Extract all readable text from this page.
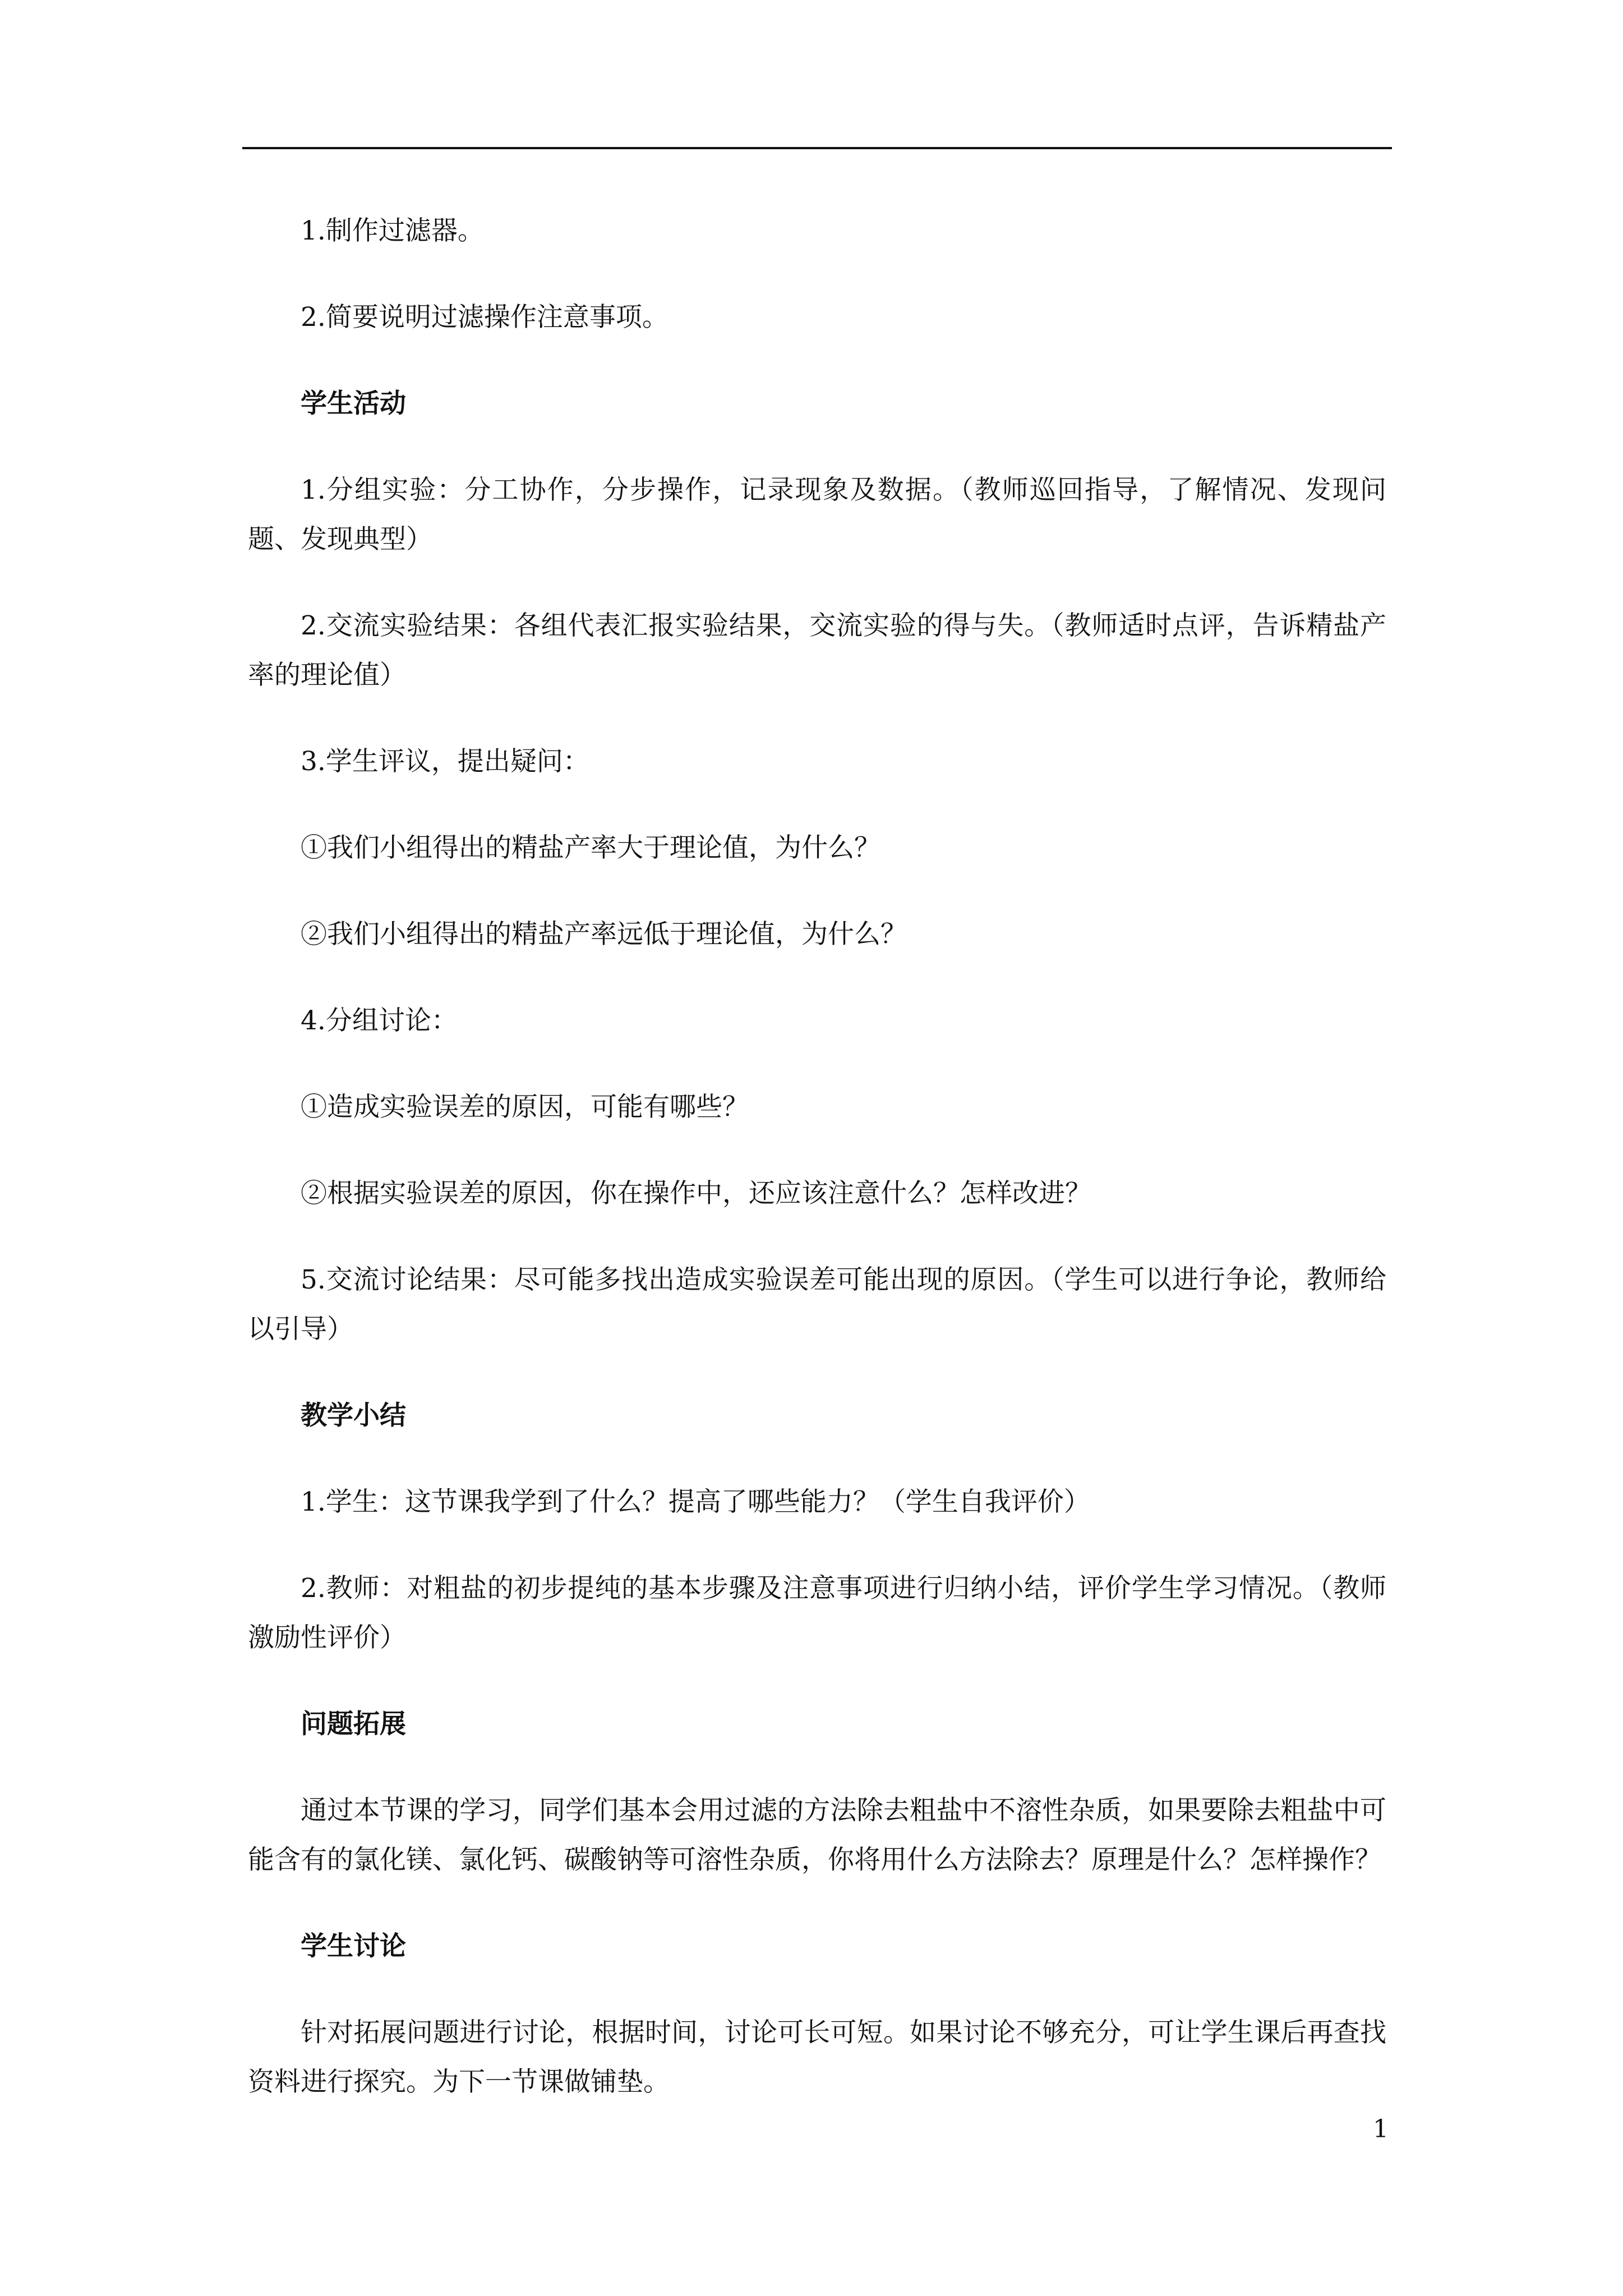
1.制作过滤器。

2.简要说明过滤操作注意事项。

学生活动

1.分组实验：分工协作，分步操作，记录现象及数据。（教师巡回指导，了解情况、发现问题、发现典型）

2.交流实验结果：各组代表汇报实验结果，交流实验的得与失。（教师适时点评，告诉精盐产率的理论值）

3.学生评议，提出疑问：

①我们小组得出的精盐产率大于理论值，为什么？

②我们小组得出的精盐产率远低于理论值，为什么？

4.分组讨论：

①造成实验误差的原因，可能有哪些？

②根据实验误差的原因，你在操作中，还应该注意什么？怎样改进？

5.交流讨论结果：尽可能多找出造成实验误差可能出现的原因。（学生可以进行争论，教师给以引导）

教学小结

1.学生：这节课我学到了什么？提高了哪些能力？（学生自我评价）

2.教师：对粗盐的初步提纯的基本步骤及注意事项进行归纳小结，评价学生学习情况。（教师激励性评价）

问题拓展

通过本节课的学习，同学们基本会用过滤的方法除去粗盐中不溶性杂质，如果要除去粗盐中可能含有的氯化镁、氯化钙、碳酸钠等可溶性杂质，你将用什么方法除去？原理是什么？怎样操作？

学生讨论

针对拓展问题进行讨论，根据时间，讨论可长可短。如果讨论不够充分，可让学生课后再查找资料进行探究。为下一节课做铺垫。

1
